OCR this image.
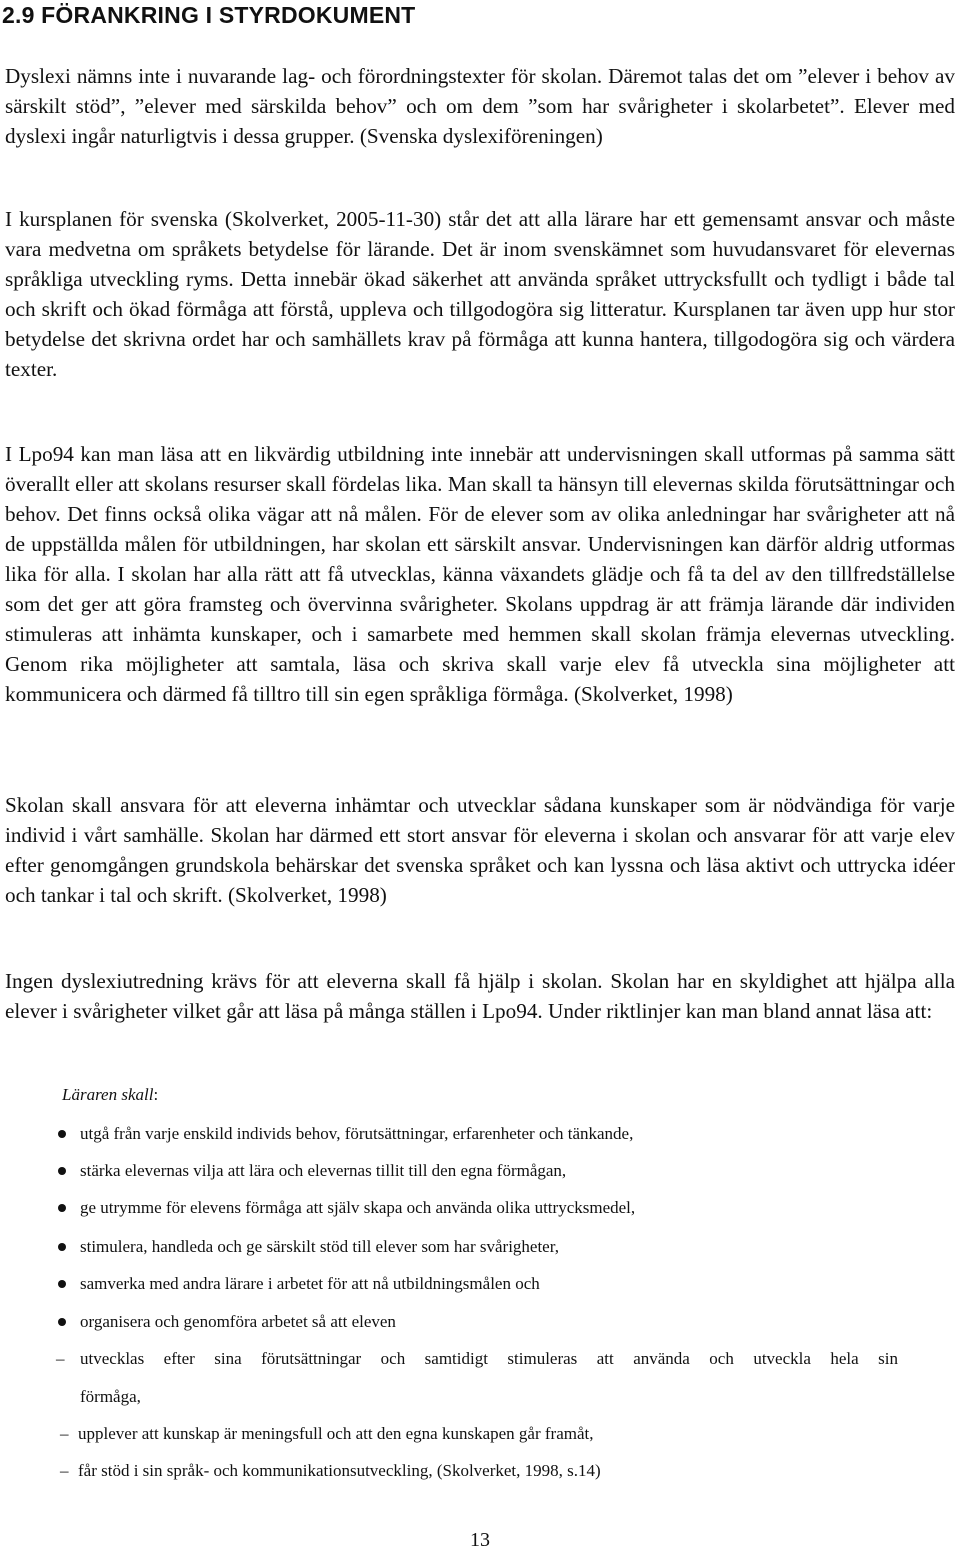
2.9 FÖRANKRING I STYRDOKUMENT

Dyslexi nämns inte i nuvarande lag- och förordningstexter för skolan. Däremot talas det om ”elever i behov av särskilt stöd”, ”elever med särskilda behov” och om dem ”som har svårigheter i skolarbetet”. Elever med dyslexi ingår naturligtvis i dessa grupper. (Svenska dyslexiföreningen)

I kursplanen för svenska (Skolverket, 2005-11-30) står det att alla lärare har ett gemensamt ansvar och måste vara medvetna om språkets betydelse för lärande. Det är inom svenskämnet som huvudansvaret för elevernas språkliga utveckling ryms. Detta innebär ökad säkerhet att använda språket uttrycksfullt och tydligt i både tal och skrift och ökad förmåga att förstå, uppleva och tillgodogöra sig litteratur. Kursplanen tar även upp hur stor betydelse det skrivna ordet har och samhällets krav på förmåga att kunna hantera, tillgodogöra sig och värdera texter.

I Lpo94 kan man läsa att en likvärdig utbildning inte innebär att undervisningen skall utformas på samma sätt överallt eller att skolans resurser skall fördelas lika. Man skall ta hänsyn till elevernas skilda förutsättningar och behov. Det finns också olika vägar att nå målen. För de elever som av olika anledningar har svårigheter att nå de uppställda målen för utbildningen, har skolan ett särskilt ansvar. Undervisningen kan därför aldrig utformas lika för alla. I skolan har alla rätt att få utvecklas, känna växandets glädje och få ta del av den tillfredställelse som det ger att göra framsteg och övervinna svårigheter. Skolans uppdrag är att främja lärande där individen stimuleras att inhämta kunskaper, och i samarbete med hemmen skall skolan främja elevernas utveckling. Genom rika möjligheter att samtala, läsa och skriva skall varje elev få utveckla sina möjligheter att kommunicera och därmed få tilltro till sin egen språkliga förmåga. (Skolverket, 1998)

Skolan skall ansvara för att eleverna inhämtar och utvecklar sådana kunskaper som är nödvändiga för varje individ i vårt samhälle. Skolan har därmed ett stort ansvar för eleverna i skolan och ansvarar för att varje elev efter genomgången grundskola behärskar det svenska språket och kan lyssna och läsa aktivt och uttrycka idéer och tankar i tal och skrift. (Skolverket, 1998)

Ingen dyslexiutredning krävs för att eleverna skall få hjälp i skolan. Skolan har en skyldighet att hjälpa alla elever i svårigheter vilket går att läsa på många ställen i Lpo94. Under riktlinjer kan man bland annat läsa att:

Läraren skall:

utgå från varje enskild individs behov, förutsättningar, erfarenheter och tänkande,
stärka elevernas vilja att lära och elevernas tillit till den egna förmågan,
ge utrymme för elevens förmåga att själv skapa och använda olika uttrycksmedel,
stimulera, handleda och ge särskilt stöd till elever som har svårigheter,
samverka med andra lärare i arbetet för att nå utbildningsmålen och
organisera och genomföra arbetet så att eleven
– utvecklas efter sina förutsättningar och samtidigt stimuleras att använda och utveckla hela sin
förmåga,
– upplever att kunskap är meningsfull och att den egna kunskapen går framåt,
– får stöd i sin språk- och kommunikationsutveckling, (Skolverket, 1998, s.14)
13
